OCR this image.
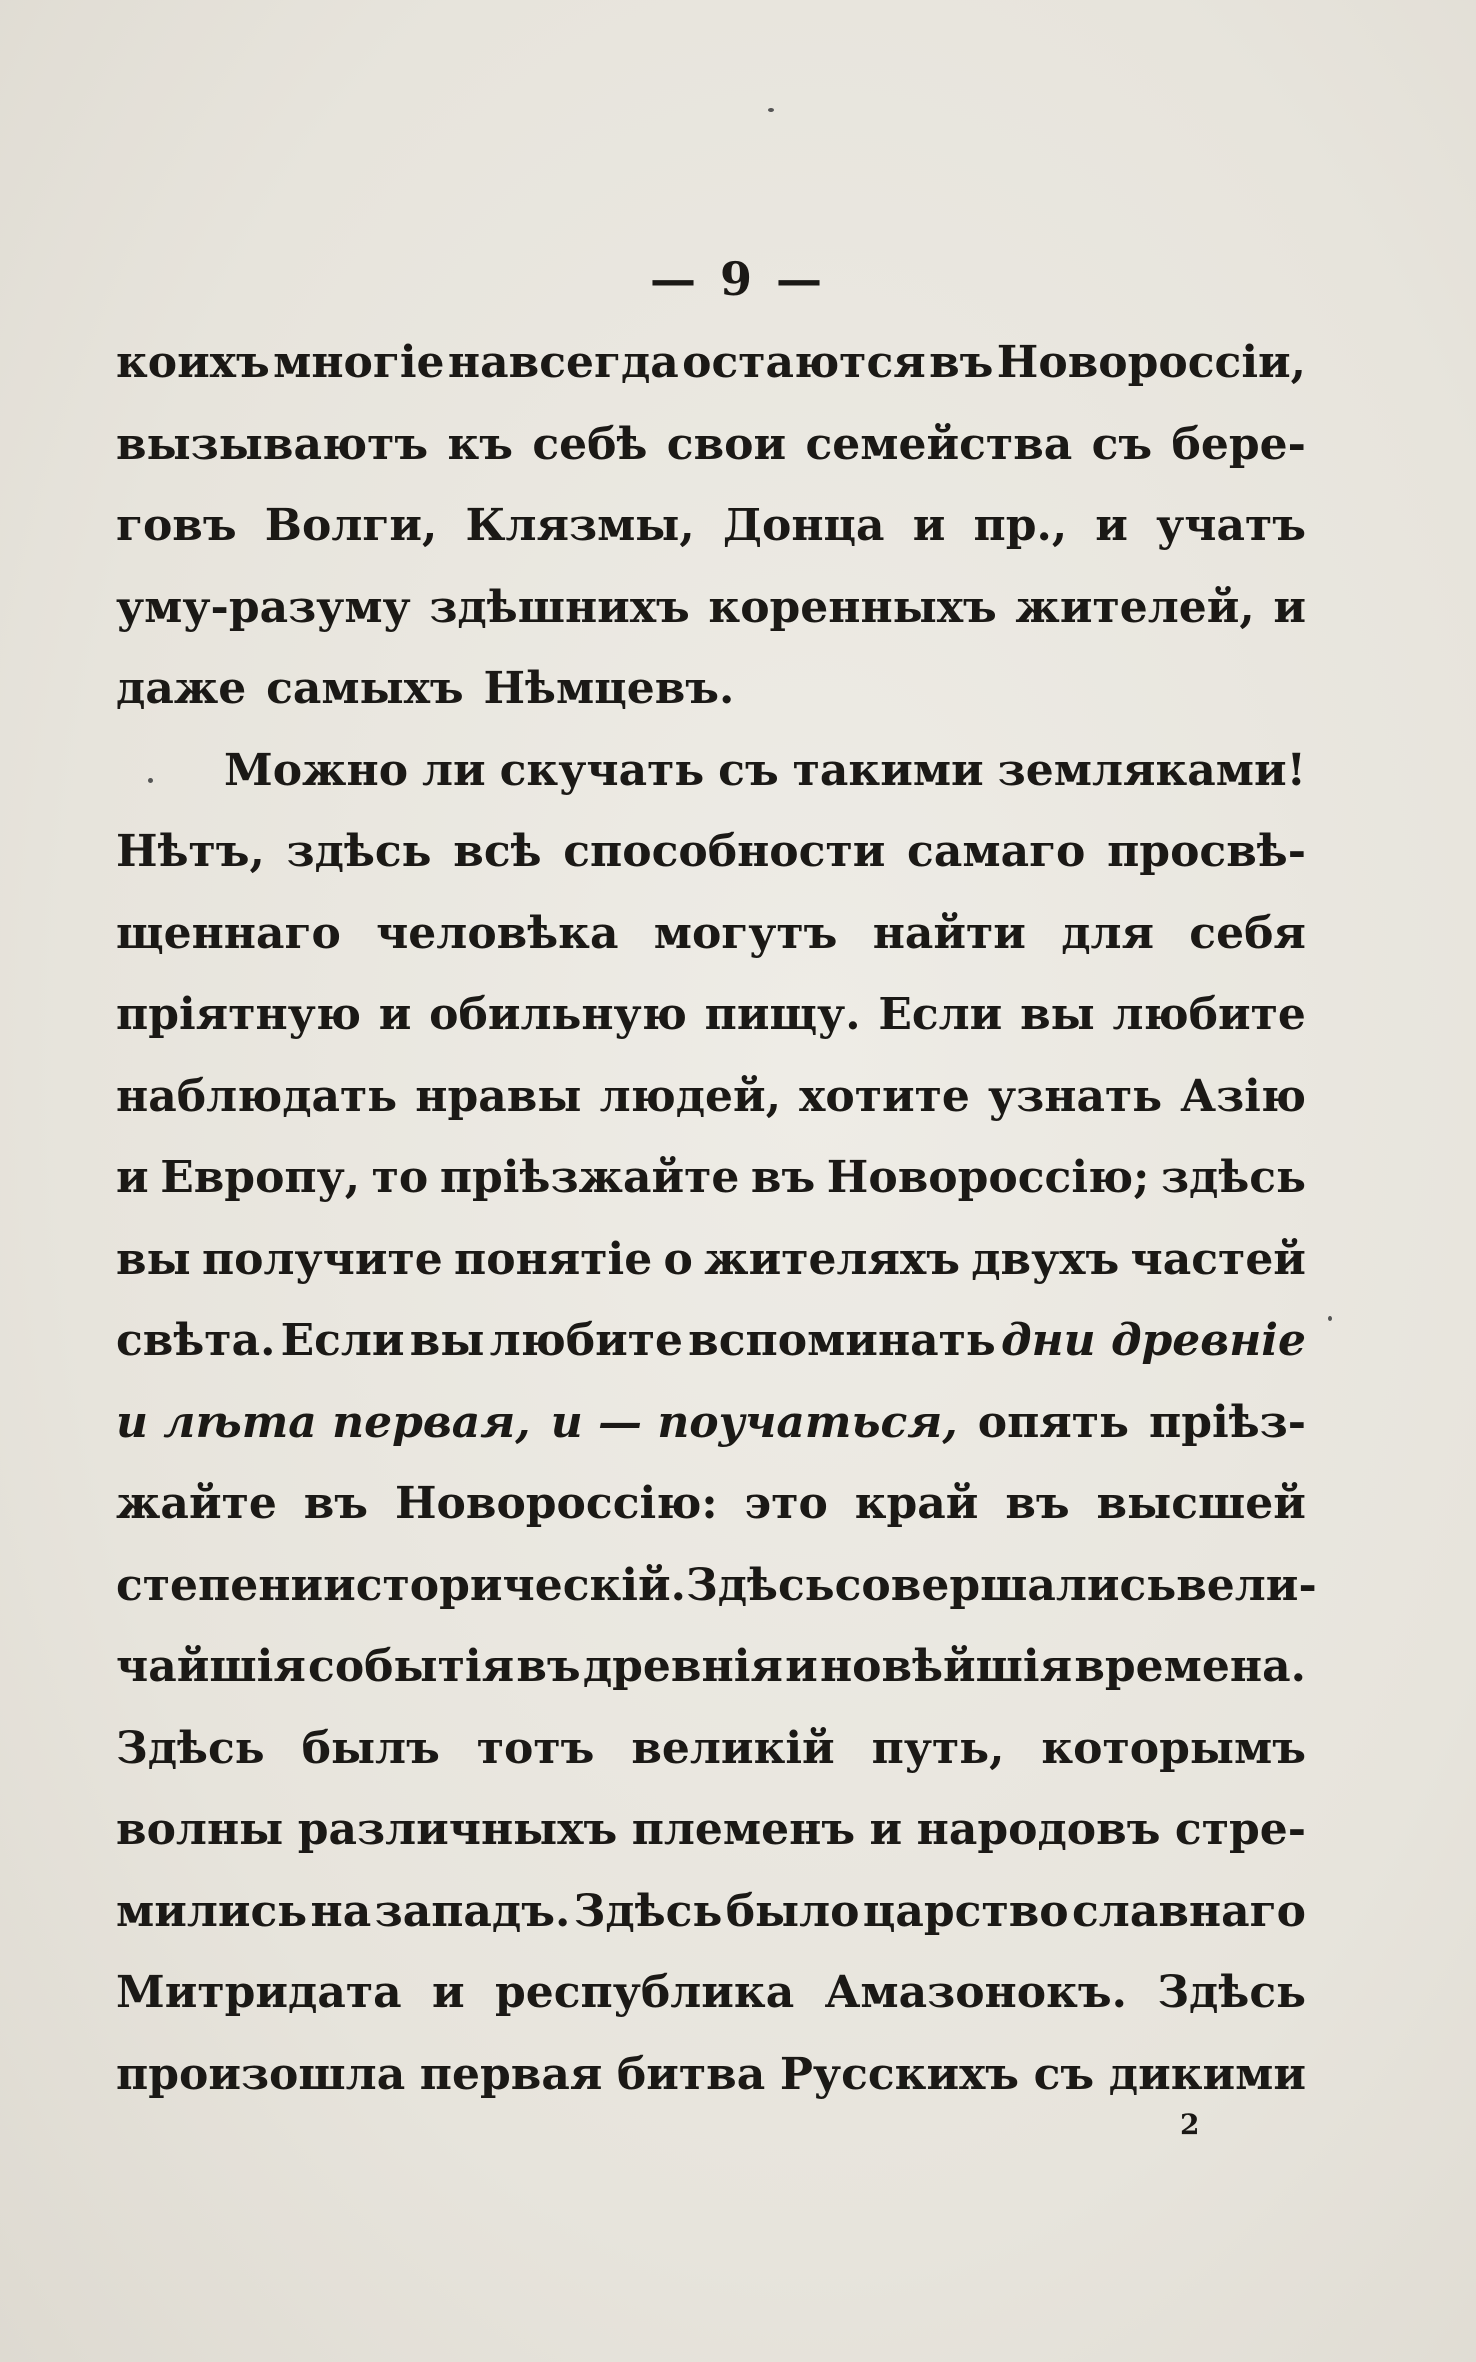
— 9 —
коихъ многіе навсегда остаются въ Новороссіи,
вызываютъ къ себѣ свои семейства съ бере-
говъ Волги, Клязмы, Донца и пр., и учатъ
уму-разуму здѣшнихъ коренныхъ жителей, и
даже самыхъ Нѣмцевъ.
Можно ли скучать съ такими земляками!
Нѣтъ, здѣсь всѣ способности самаго просвѣ-
щеннаго человѣка могутъ найти для себя
пріятную и обильную пищу. Если вы любите
наблюдать нравы людей, хотите узнать Азію
и Европу, то пріѣзжайте въ Новороссію; здѣсь
вы получите понятіе о жителяхъ двухъ частей
свѣта. Если вы любите вспоминать дни древніе
и лѣта первая, и — поучаться, опять пріѣз-
жайте въ Новороссію: это край въ высшей
степени историческій. Здѣсь совершались вели-
чайшія событія въ древнія и новѣйшія времена.
Здѣсь былъ тотъ великій путь, которымъ
волны различныхъ племенъ и народовъ стре-
мились на западъ. Здѣсь было царство славнаго
Митридата и республика Амазонокъ. Здѣсь
произошла первая битва Русскихъ съ дикими
2
